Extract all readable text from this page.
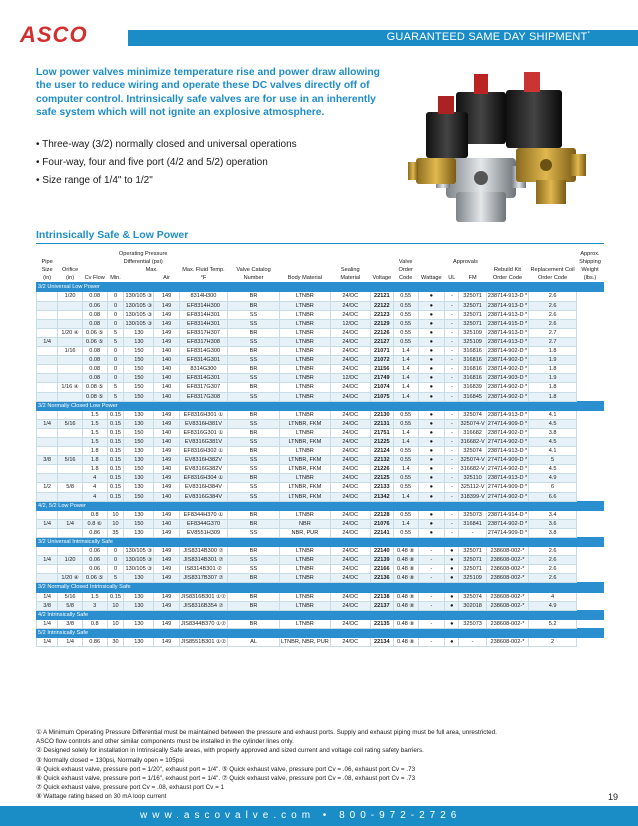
ASCO	GUARANTEED SAME DAY SHIPMENT*
Low power valves minimize temperature rise and power draw allowing the user to reduce wiring and operate these DC valves directly off of computer control. Intrinsically safe valves are for use in an inherently safe system which will not ignite an explosive atmosphere.
• Three-way (3/2) normally closed and universal operations
• Four-way, four and five port (4/2 and 5/2) operation
• Size range of 1/4" to 1/2"
Intrinsically Safe & Low Power
Pipe Size (in)	Orifice (in)	Cv Flow	Operating Pressure Differential (psi)			Max. Fluid Temp. °F	Valve Catalog Number	Body Material	Sealing Material	Voltage	Valve Order Code	Wattage	Approvals		Rebuild Kit Order Code	Replacement Coil Order Code	Approx. Shipping Weight (lbs.)
			Min.	Max.									UL	FM			
					Air												
3/2 Universal Low Power																	
	1/20	0.08	0	130/105 ③	149	8314H300	BR	LTNBR	24/DC	22121	0.55	●	-	325071	238714-913-D *	2.6	
		0.06	0	130/105 ③	149	EF8314H300	BR	LTNBR	24/DC	22122	0.55	●	-	325071	238714-913-D *	2.6	
		0.08	0	130/105 ③	149	EF8314H301	SS	LTNBR	24/DC	22123	0.55	●	-	325071	238714-913-D *	2.6	
		0.08	0	130/105 ③	149	EF8314H301	SS	LTNBR	12/DC	22129	0.55	●	-	325071	238714-915-D *	2.6	
	1/20 ④	0.06 ⑤	5	130	149	EF8317H307	BR	LTNBR	24/DC	22126	0.55	●	-	325109	238714-913-D *	2.7	
1/4		0.06 ⑤	5	130	149	EF8317H308	SS	LTNBR	24/DC	22127	0.55	●	-	325109	238714-913-D *	2.7	
	1/16	0.08	0	150	140	EF8314G300	BR	LTNBR	24/DC	21071	1.4	●	-	316816	238714-902-D *	1.8	
		0.08	0	150	140	EF8314G301	SS	LTNBR	24/DC	21072	1.4	●	-	316816	238714-902-D *	1.9	
		0.08	0	150	140	8314G300	BR	LTNBR	24/DC	21156	1.4	●	-	316816	238714-902-D *	1.8	
		0.08	0	150	140	EF8314G301	SS	LTNBR	12/DC	21749	1.4	●	-	316816	238714-903-D *	1.9	
	1/16 ④	0.08 ⑤	5	150	140	EF8317G307	BR	LTNBR	24/DC	21074	1.4	●	-	316839	238714-902-D *	1.8	
		0.08 ⑤	5	150	140	EF8317G308	SS	LTNBR	24/DC	21075	1.4	●	-	316845	238714-902-D *	1.8	
3/2 Normally Closed Low Power																	
		1.5	0.15	130	149	EF8316H301 ①	BR	LTNBR	24/DC	22130	0.55	●	-	325074	238714-913-D *	4.1	
1/4	5/16	1.5	0.15	130	149	EV8316H381V	SS	LTNBR, FKM	24/DC	22131	0.55	●	-	325074-V	274714-909-D *	4.5	
		1.5	0.15	150	140	EF8316G301 ①	BR	LTNBR	24/DC	21751	1.4	●	-	316682	238714-902-D *	3.8	
		1.5	0.15	150	140	EV8316G381V	SS	LTNBR, FKM	24/DC	21225	1.4	●	-	316682-V	274714-902-D *	4.5	
		1.8	0.15	130	149	EF8316H302 ①	BR	LTNBR	24/DC	22124	0.55	●	-	325074	238714-913-D *	4.1	
3/8	5/16	1.8	0.15	130	149	EV8316H382V	SS	LTNBR, FKM	24/DC	22132	0.55	●	-	325074-V	274714-909-D *	5	
		1.8	0.15	150	140	EV8316G382V	SS	LTNBR, FKM	24/DC	21226	1.4	●	-	316682-V	274714-902-D *	4.5	
		4	0.15	130	149	EF8316H304 ①	BR	LTNBR	24/DC	22125	0.55	●	-	325110	238714-913-D *	4.9	
1/2	5/8	4	0.15	130	149	EV8316H384V	SS	LTNBR, FKM	24/DC	22133	0.55	●	-	325112-V	274714-909-D *	6	
		4	0.15	150	140	EV8316G384V	SS	LTNBR, FKM	24/DC	21342	1.4	●	-	318399-V	274714-902-D *	6.6	
4/2, 5/2 Low Power																	
		0.8	10	130	149	EF8344H370 ①	BR	LTNBR	24/DC	22128	0.55	●	-	325073	238714-914-D *	3.4	
1/4	1/4	0.8 ⑥	10	150	140	EF8344G370	BR	NBR	24/DC	21076	1.4	●	-	316841	238714-902-D *	3.6	
		0.86	35	130	149	EV8551H309	SS	NBR, PUR	24/DC	22141	0.55	●	-	-	274714-909-D *	3.8	
3/2 Universal Intrinsically Safe																	
		0.06	0	130/105 ③	149	JIS8314B300 ⑦	BR	LTNBR	24/DC	22140	0.48 ⑧	-	●	325071	238608-002-*	2.6	
1/4	1/20	0.06	0	130/105 ③	149	JIS8314B301 ⑦	SS	LTNBR	24/DC	22139	0.48 ⑧	-	●	325071	238608-002-*	2.6	
		0.06	0	130/105 ③	149	IS8314B301 ⑦	SS	LTNBR	24/DC	22166	0.48 ⑧	-	●	325071	238608-002-*	2.6	
	1/20 ④	0.06 ⑤	5	130	149	JIS8317B307 ⑦	BR	LTNBR	24/DC	22136	0.48 ⑧	-	●	325109	238608-002-*	2.6	
3/2 Normally Closed Intrinsically Safe																	
1/4	5/16	1.5	0.15	130	149	JIS8316B301 ①⑦	BR	LTNBR	24/DC	22138	0.48 ⑧	-	●	325074	238608-002-*	4	
3/8	5/8	3	10	130	149	JIS8316B354 ⑦	BR	LTNBR	24/DC	22137	0.48 ⑧	-	●	302018	238608-002-*	4.9	
4/2 Intrinsically Safe																	
1/4	3/8	0.8	10	130	149	JIS8344B370 ①⑦	BR	LTNBR	24/DC	22135	0.48 ⑧	-	●	325073	238608-002-*	5.2	
5/2 Intrinsically Safe																	
1/4	1/4	0.86	30	130	149	JIS8551B301 ①⑦	AL	LTNBR, NBR, PUR	24/DC	22134	0.48 ⑧	-	●	-	238608-002-*	2	
① A Minimum Operating Pressure Differential must be maintained between the pressure and exhaust ports. Supply and exhaust piping must be full area, unrestricted.
ASCO flow controls and other similar components must be installed in the cylinder lines only.
② Designed solely for installation in Intrinsically Safe areas, with properly approved and sized current and voltage coil rating safety barriers.
③ Normally closed = 130psi, Normally open = 105psi
④ Quick exhaust valve, pressure port = 1/20", exhaust port = 1/4". ⑤ Quick exhaust valve, pressure port Cv = .06, exhaust port Cv = .73
⑥ Quick exhaust valve, pressure port = 1/16", exhaust port = 1/4". ⑦ Quick exhaust valve, pressure port Cv = .08, exhaust port Cv = .73
⑦ Quick exhaust valve, pressure port Cv = .08, exhaust port Cv = 1
⑧ Wattage rating based on 30 mA loop current
www.ascovalve.com • 800-972-2726
19
